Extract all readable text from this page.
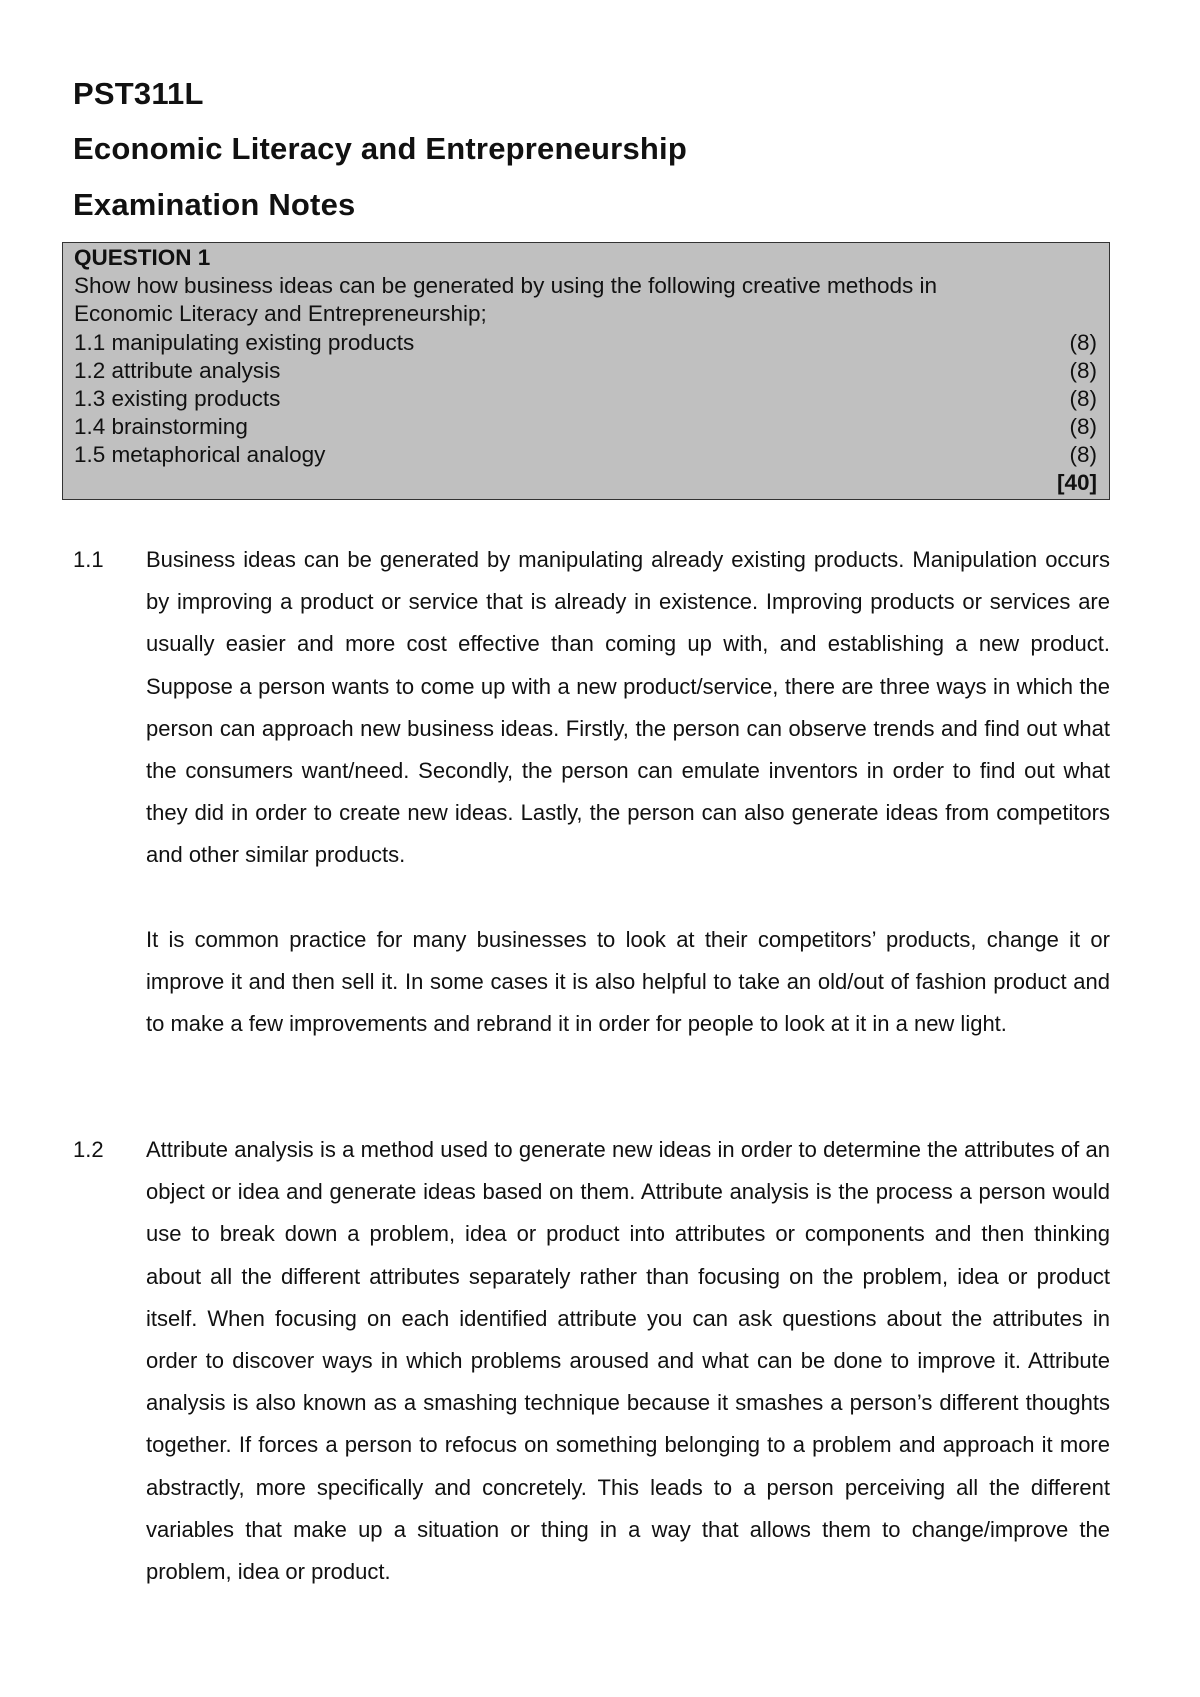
PST311L
Economic Literacy and Entrepreneurship
Examination Notes
QUESTION 1
Show how business ideas can be generated by using the following creative methods in Economic Literacy and Entrepreneurship;
1.1 manipulating existing products	(8)
1.2 attribute analysis	(8)
1.3 existing products	(8)
1.4 brainstorming	(8)
1.5 metaphorical analogy	(8)
[40]
1.1 Business ideas can be generated by manipulating already existing products. Manipulation occurs by improving a product or service that is already in existence. Improving products or services are usually easier and more cost effective than coming up with, and establishing a new product. Suppose a person wants to come up with a new product/service, there are three ways in which the person can approach new business ideas. Firstly, the person can observe trends and find out what the consumers want/need. Secondly, the person can emulate inventors in order to find out what they did in order to create new ideas. Lastly, the person can also generate ideas from competitors and other similar products.

It is common practice for many businesses to look at their competitors’ products, change it or improve it and then sell it. In some cases it is also helpful to take an old/out of fashion product and to make a few improvements and rebrand it in order for people to look at it in a new light.

1.2 Attribute analysis is a method used to generate new ideas in order to determine the attributes of an object or idea and generate ideas based on them. Attribute analysis is the process a person would use to break down a problem, idea or product into attributes or components and then thinking about all the different attributes separately rather than focusing on the problem, idea or product itself. When focusing on each identified attribute you can ask questions about the attributes in order to discover ways in which problems aroused and what can be done to improve it. Attribute analysis is also known as a smashing technique because it smashes a person’s different thoughts together. If forces a person to refocus on something belonging to a problem and approach it more abstractly, more specifically and concretely. This leads to a person perceiving all the different variables that make up a situation or thing in a way that allows them to change/improve the problem, idea or product.
